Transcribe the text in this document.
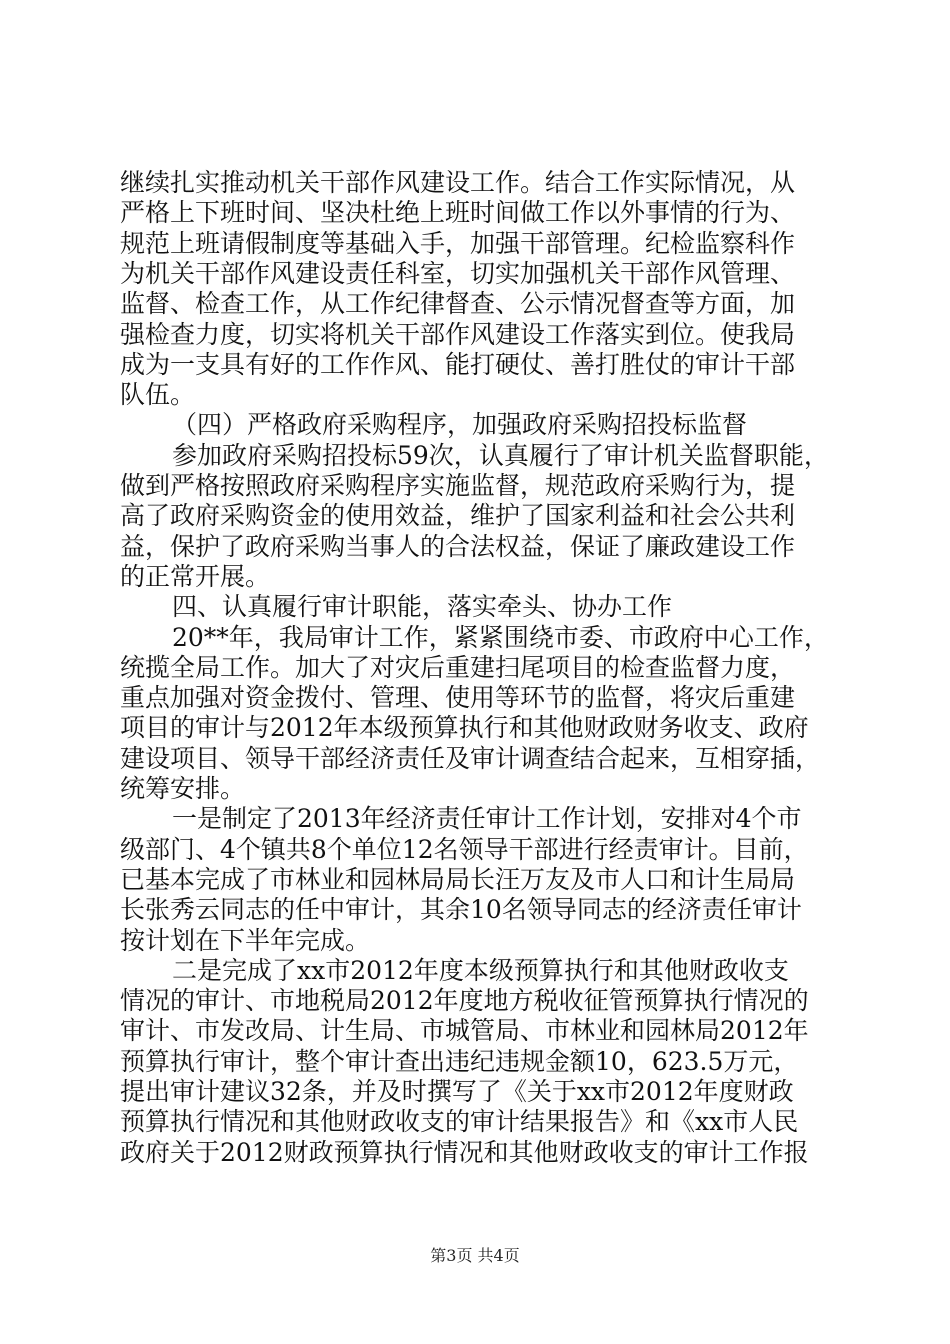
继续扎实推动机关干部作风建设工作。结合工作实际情况，从
严格上下班时间、坚决杜绝上班时间做工作以外事情的行为、
规范上班请假制度等基础入手，加强干部管理。纪检监察科作
为机关干部作风建设责任科室，切实加强机关干部作风管理、
监督、检查工作，从工作纪律督查、公示情况督查等方面，加
强检查力度，切实将机关干部作风建设工作落实到位。使我局
成为一支具有好的工作作风、能打硬仗、善打胜仗的审计干部
队伍。
（四）严格政府采购程序，加强政府采购招投标监督
参加政府采购招投标59次，认真履行了审计机关监督职能，
做到严格按照政府采购程序实施监督，规范政府采购行为，提
高了政府采购资金的使用效益，维护了国家利益和社会公共利
益，保护了政府采购当事人的合法权益，保证了廉政建设工作
的正常开展。
四、认真履行审计职能，落实牵头、协办工作
20**年，我局审计工作，紧紧围绕市委、市政府中心工作，
统揽全局工作。加大了对灾后重建扫尾项目的检查监督力度，
重点加强对资金拨付、管理、使用等环节的监督，将灾后重建
项目的审计与2012年本级预算执行和其他财政财务收支、政府
建设项目、领导干部经济责任及审计调查结合起来，互相穿插，
统筹安排。
一是制定了2013年经济责任审计工作计划，安排对4个市
级部门、4个镇共8个单位12名领导干部进行经责审计。目前，
已基本完成了市林业和园林局局长汪万友及市人口和计生局局
长张秀云同志的任中审计，其余10名领导同志的经济责任审计
按计划在下半年完成。
二是完成了xx市2012年度本级预算执行和其他财政收支
情况的审计、市地税局2012年度地方税收征管预算执行情况的
审计、市发改局、计生局、市城管局、市林业和园林局2012年
预算执行审计，整个审计查出违纪违规金额10，623.5万元，
提出审计建议32条，并及时撰写了《关于xx市2012年度财政
预算执行情况和其他财政收支的审计结果报告》和《xx市人民
政府关于2012财政预算执行情况和其他财政收支的审计工作报
第3页 共4页
